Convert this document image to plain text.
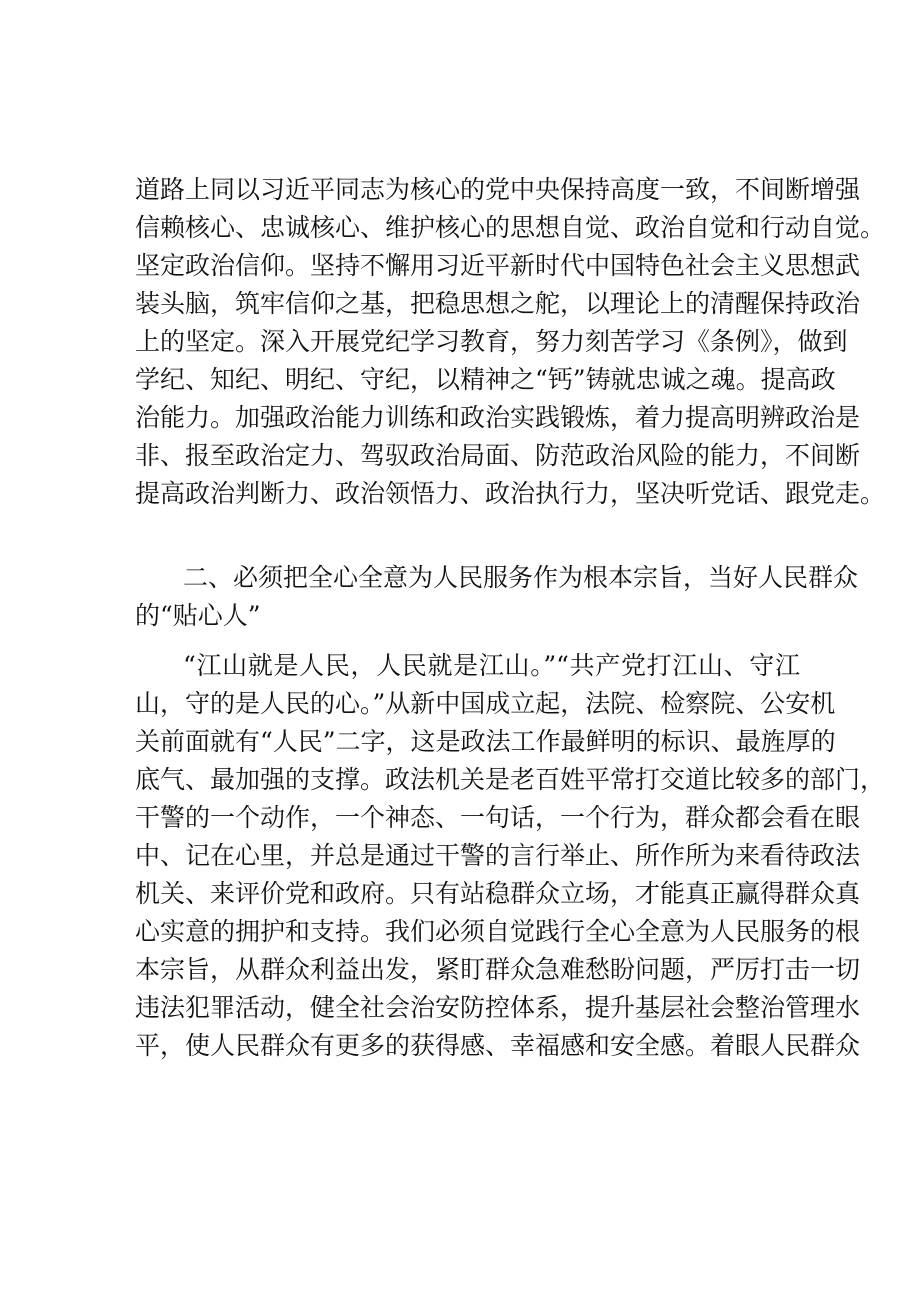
道路上同以习近平同志为核心的党中央保持高度一致，不间断增强
信赖核心、忠诚核心、维护核心的思想自觉、政治自觉和行动自觉。
坚定政治信仰。坚持不懈用习近平新时代中国特色社会主义思想武
装头脑，筑牢信仰之基，把稳思想之舵，以理论上的清醒保持政治
上的坚定。深入开展党纪学习教育，努力刻苦学习《条例》，做到
学纪、知纪、明纪、守纪，以精神之“钙”铸就忠诚之魂。提高政
治能力。加强政治能力训练和政治实践锻炼，着力提高明辨政治是
非、报至政治定力、驾驭政治局面、防范政治风险的能力，不间断
提高政治判断力、政治领悟力、政治执行力，坚决听党话、跟党走。
二、必须把全心全意为人民服务作为根本宗旨，当好人民群众
的“贴心人”
“江山就是人民，人民就是江山。”“共产党打江山、守江
山，守的是人民的心。”从新中国成立起，法院、检察院、公安机
关前面就有“人民”二字，这是政法工作最鲜明的标识、最旌厚的
底气、最加强的支撑。政法机关是老百姓平常打交道比较多的部门，
干警的一个动作，一个神态、一句话，一个行为，群众都会看在眼
中、记在心里，并总是通过干警的言行举止、所作所为来看待政法
机关、来评价党和政府。只有站稳群众立场，才能真正赢得群众真
心实意的拥护和支持。我们必须自觉践行全心全意为人民服务的根
本宗旨，从群众利益出发，紧盯群众急难愁盼问题，严厉打击一切
违法犯罪活动，健全社会治安防控体系，提升基层社会整治管理水
平，使人民群众有更多的获得感、幸福感和安全感。着眼人民群众
